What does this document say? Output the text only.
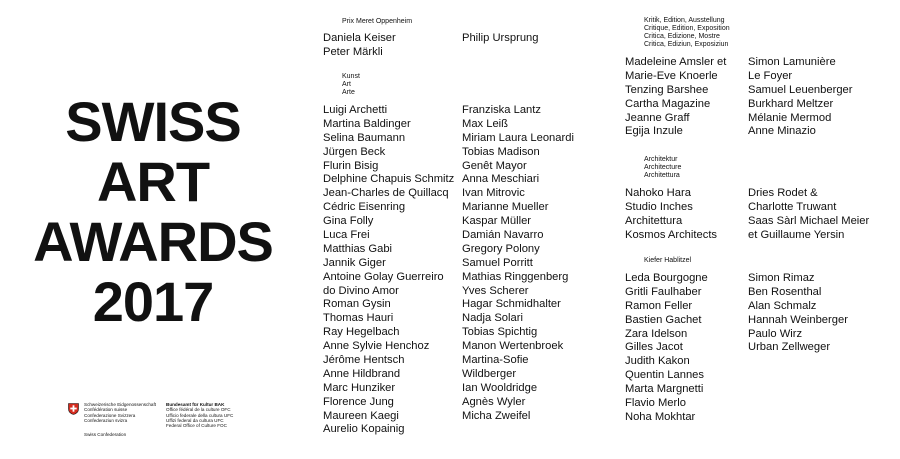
SWISS
ART
AWARDS
2017
Prix Meret Oppenheim
Daniela Keiser
Peter Märkli
Philip Ursprung
Kunst
Art
Arte
Luigi Archetti
Martina Baldinger
Selina Baumann
Jürgen Beck
Flurin Bisig
Delphine Chapuis Schmitz
Jean-Charles de Quillacq
Cédric Eisenring
Gina Folly
Luca Frei
Matthias Gabi
Jannik Giger
Antoine Golay Guerreiro
do Divino Amor
Roman Gysin
Thomas Hauri
Ray Hegelbach
Anne Sylvie Henchoz
Jérôme Hentsch
Anne Hildbrand
Marc Hunziker
Florence Jung
Maureen Kaegi
Aurelio Kopainig
Franziska Lantz
Max Leiß
Miriam Laura Leonardi
Tobias Madison
Genêt Mayor
Anna Meschiari
Ivan Mitrovic
Marianne Mueller
Kaspar Müller
Damián Navarro
Gregory Polony
Samuel Porritt
Mathias Ringgenberg
Yves Scherer
Hagar Schmidhalter
Nadja Solari
Tobias Spichtig
Manon Wertenbroek
Martina-Sofie
Wildberger
Ian Wooldridge
Agnès Wyler
Micha Zweifel
Kritik, Edition, Ausstellung
Critique, Edition, Exposition
Critica, Edizione, Mostre
Critica, Ediziun, Exposiziun
Madeleine Amsler et
Marie-Eve Knoerle
Tenzing Barshee
Cartha Magazine
Jeanne Graff
Egija Inzule
Simon Lamunière
Le Foyer
Samuel Leuenberger
Burkhard Meltzer
Mélanie Mermod
Anne Minazio
Architektur
Architecture
Architettura
Nahoko Hara
Studio Inches
Architettura
Kosmos Architects
Dries Rodet &
Charlotte Truwant
Saas Sàrl Michael Meier
et Guillaume Yersin
Kiefer Hablitzel
Leda Bourgogne
Gritli Faulhaber
Ramon Feller
Bastien Gachet
Zara Idelson
Gilles Jacot
Judith Kakon
Quentin Lannes
Marta Margnetti
Flavio Merlo
Noha Mokhtar
Simon Rimaz
Ben Rosenthal
Alan Schmalz
Hannah Weinberger
Paulo Wirz
Urban Zellweger
Schweizerische Eidgenossenschaft
Confédération suisse
Confederazione Svizzera
Confederaziun svizra
Swiss Confederation
Bundesamt für Kultur BAK
Office fédéral de la culture OFC
Ufficio federale della cultura UFC
Uffizi federal da cultura UFC
Federal Office of Culture FOC
